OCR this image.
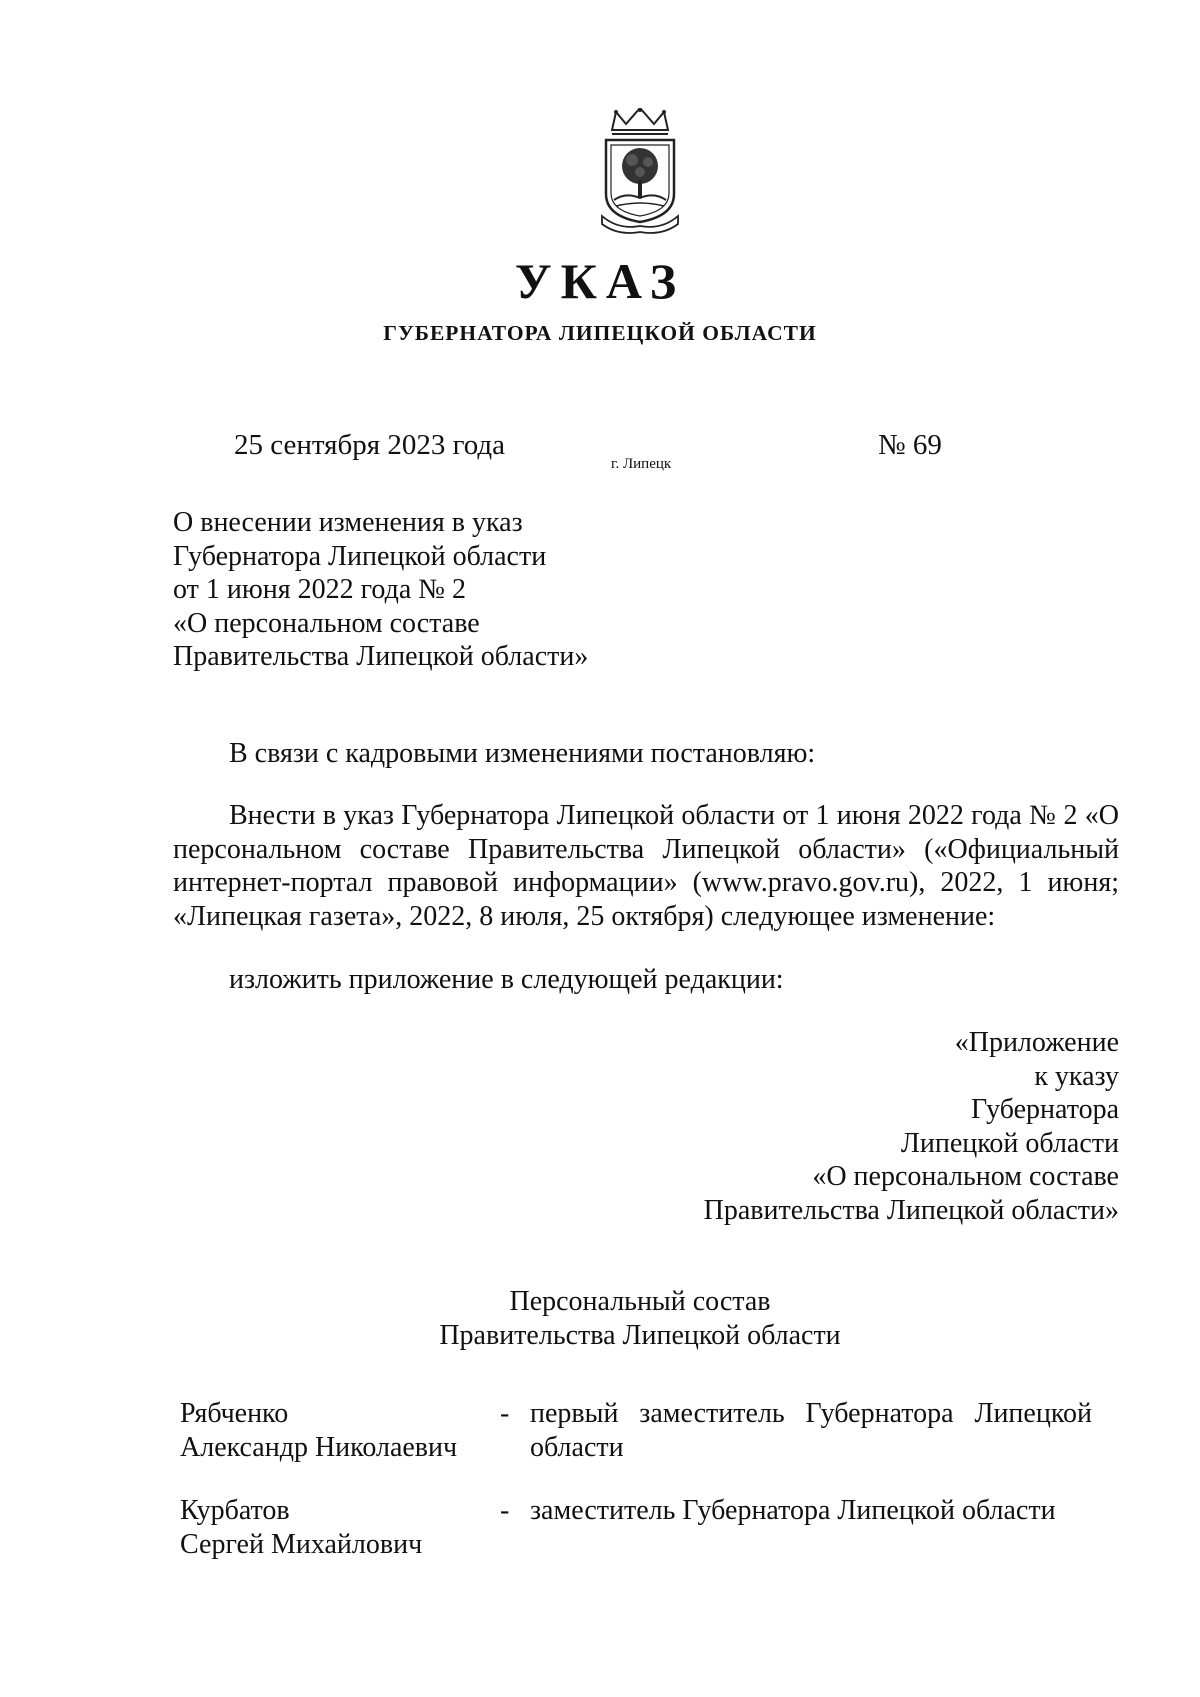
УКАЗ
ГУБЕРНАТОРА ЛИПЕЦКОЙ ОБЛАСТИ
25 сентября 2023 года
г. Липецк
№ 69
О внесении изменения в указ
Губернатора Липецкой области
от 1 июня 2022 года № 2
«О персональном составе
Правительства Липецкой области»
В связи с кадровыми изменениями постановляю:
Внести в указ Губернатора Липецкой области от 1 июня 2022 года № 2 «О персональном составе Правительства Липецкой области» («Официальный интернет-портал правовой информации» (www.pravo.gov.ru), 2022, 1 июня; «Липецкая газета», 2022, 8 июля, 25 октября) следующее изменение:
изложить приложение в следующей редакции:
«Приложение
к указу
Губернатора
Липецкой области
«О персональном составе
Правительства Липецкой области»
Персональный состав
Правительства Липецкой области
Рябченко
Александр Николаевич
- первый заместитель Губернатора Липецкой области
Курбатов
Сергей Михайлович
- заместитель Губернатора Липецкой области
